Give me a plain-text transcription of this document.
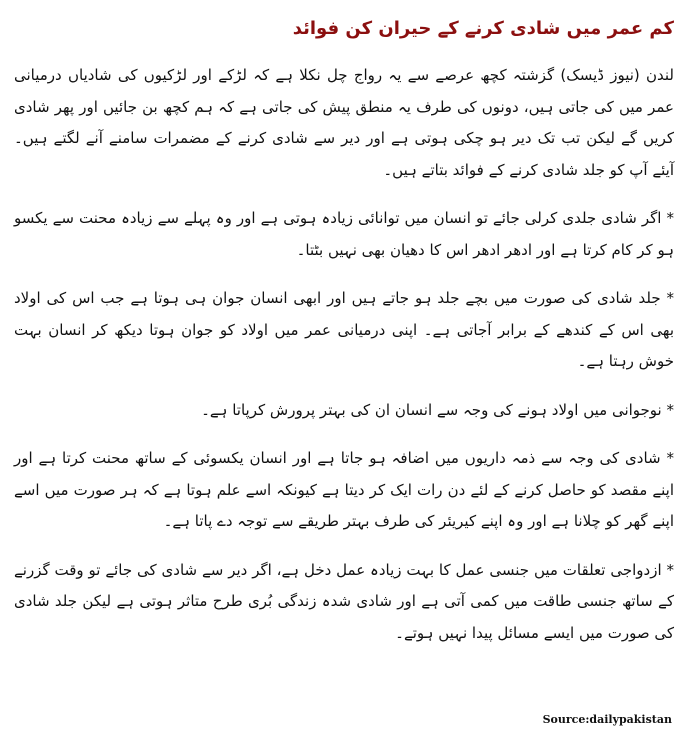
کم عمر میں شادی کرنے کے حیران کن فوائد

لندن (نیوز ڈیسک) گزشتہ کچھ عرصے سے یہ رواج چل نکلا ہے کہ لڑکے اور لڑکیوں کی شادیاں درمیانی عمر میں کی جاتی ہیں، دونوں کی طرف یہ منطق پیش کی جاتی ہے کہ ہم کچھ بن جائیں اور پھر شادی کریں گے لیکن تب تک دیر ہو چکی ہوتی ہے اور دیر سے شادی کرنے کے مضمرات سامنے آنے لگتے ہیں۔ آیئے آپ کو جلد شادی کرنے کے فوائد بتاتے ہیں۔

* اگر شادی جلدی کرلی جائے تو انسان میں توانائی زیادہ ہوتی ہے اور وہ پہلے سے زیادہ محنت سے یکسو ہو کر کام کرتا ہے اور ادھر ادھر اس کا دھیان بھی نہیں بٹتا۔

* جلد شادی کی صورت میں بچے جلد ہو جاتے ہیں اور ابھی انسان جوان ہی ہوتا ہے جب اس کی اولاد بھی اس کے کندھے کے برابر آجاتی ہے۔ اپنی درمیانی عمر میں اولاد کو جوان ہوتا دیکھ کر انسان بہت خوش رہتا ہے۔

* نوجوانی میں اولاد ہونے کی وجہ سے انسان ان کی بہتر پرورش کرپاتا ہے۔

* شادی کی وجہ سے ذمہ داریوں میں اضافہ ہو جاتا ہے اور انسان یکسوئی کے ساتھ محنت کرتا ہے اور اپنے مقصد کو حاصل کرنے کے لئے دن رات ایک کر دیتا ہے کیونکہ اسے علم ہوتا ہے کہ ہر صورت میں اسے اپنے گھر کو چلانا ہے اور وہ اپنے کیریئر کی طرف بہتر طریقے سے توجہ دے پاتا ہے۔

* ازدواجی تعلقات میں جنسی عمل کا بہت زیادہ عمل دخل ہے، اگر دیر سے شادی کی جائے تو وقت گزرنے کے ساتھ جنسی طاقت میں کمی آتی ہے اور شادی شدہ زندگی بُری طرح متاثر ہوتی ہے لیکن جلد شادی کی صورت میں ایسے مسائل پیدا نہیں ہوتے۔

Source:dailypakistan
